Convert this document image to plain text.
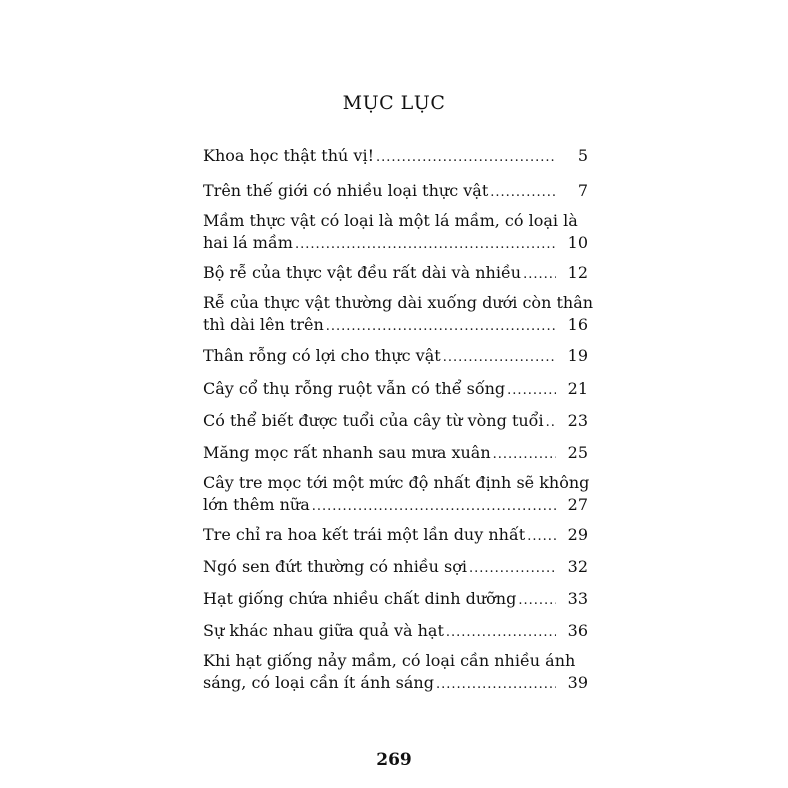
MỤC LỤC
Khoa học thật thú vị! .....	5
Trên thế giới có nhiều loại thực vật .....	7
Mầm thực vật có loại là một lá mầm, có loại là
hai lá mầm .....	10
Bộ rễ của thực vật đều rất dài và nhiều .....	12
Rễ của thực vật thường dài xuống dưới còn thân
thì dài lên trên .....	16
Thân rỗng có lợi cho thực vật .....	19
Cây cổ thụ rỗng ruột vẫn có thể sống .....	21
Có thể biết được tuổi của cây từ vòng tuổi .....	23
Măng mọc rất nhanh sau mưa xuân .....	25
Cây tre mọc tới một mức độ nhất định sẽ không
lớn thêm nữa .....	27
Tre chỉ ra hoa kết trái một lần duy nhất .....	29
Ngó sen đứt thường có nhiều sợi .....	32
Hạt giống chứa nhiều chất dinh dưỡng .....	33
Sự khác nhau giữa quả và hạt .....	36
Khi hạt giống nảy mầm, có loại cần nhiều ánh
sáng, có loại cần ít ánh sáng .....	39
269
